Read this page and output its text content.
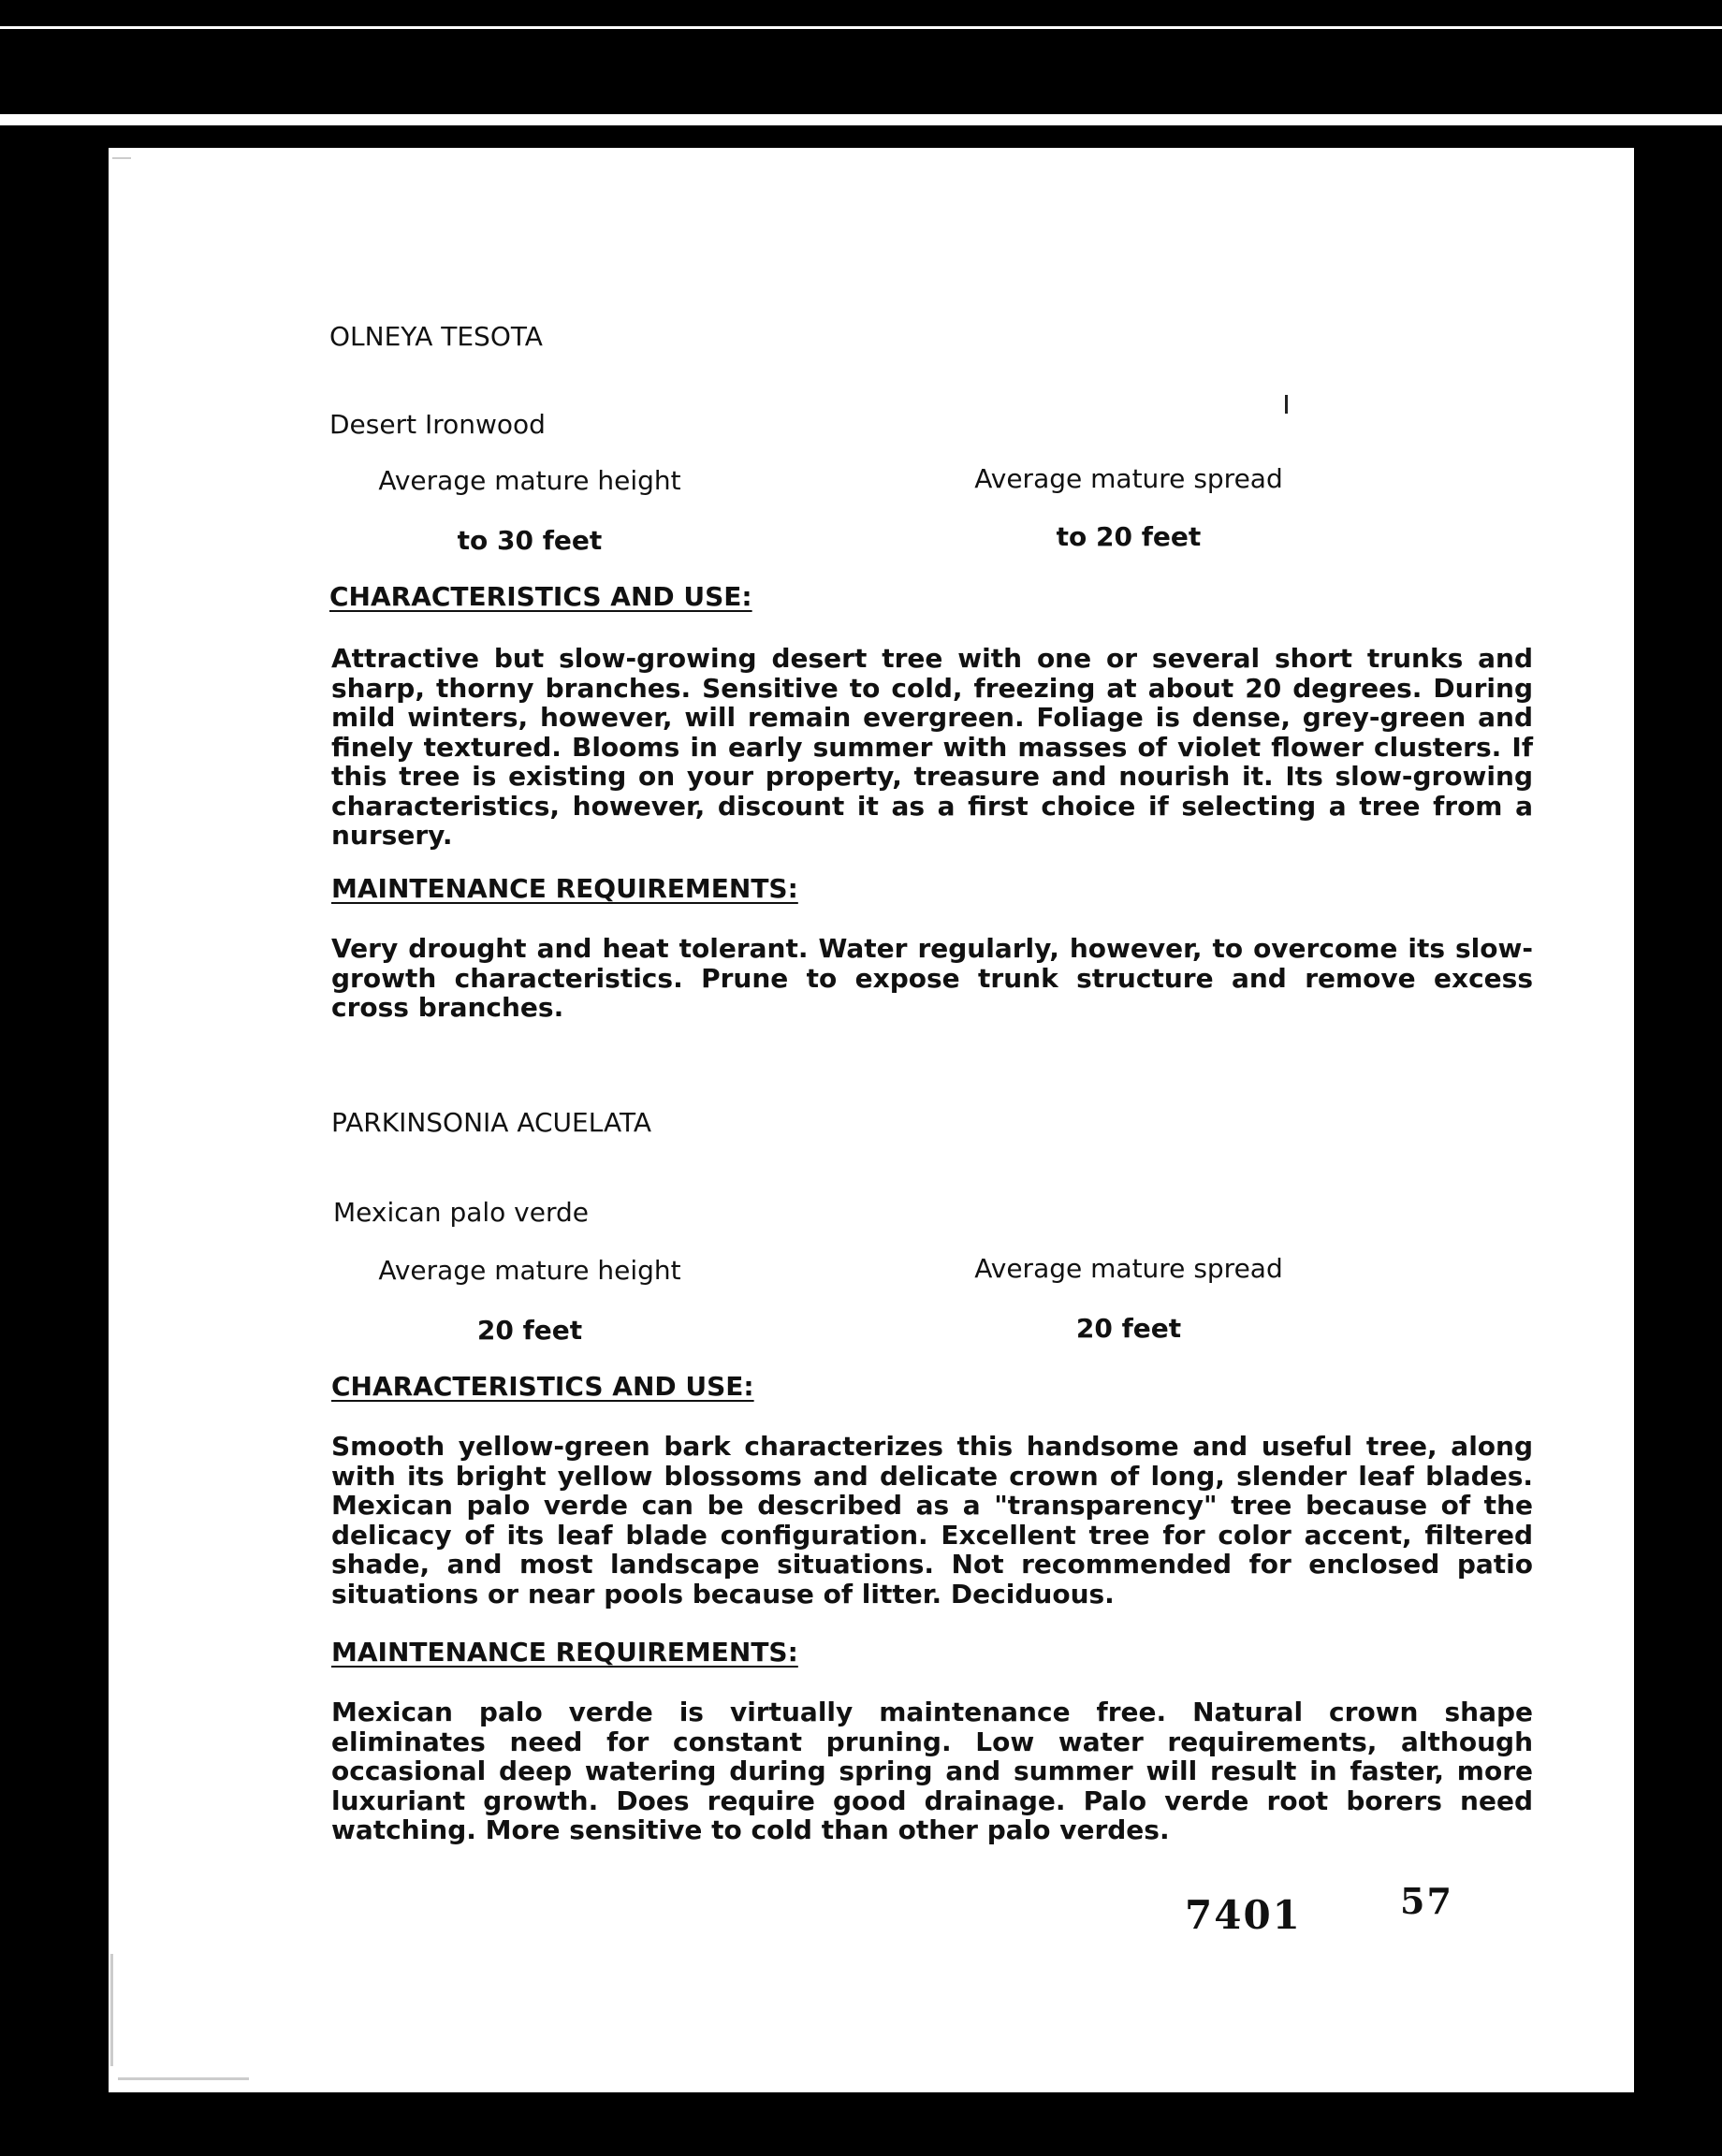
OLNEYA TESOTA
Desert Ironwood
Average mature height	Average mature spread
to 30 feet	to 20 feet
CHARACTERISTICS AND USE:
Attractive but slow-growing desert tree with one or several short trunks and sharp, thorny branches. Sensitive to cold, freezing at about 20 degrees. During mild winters, however, will remain evergreen. Foliage is dense, grey-green and finely textured. Blooms in early summer with masses of violet flower clusters. If this tree is existing on your property, treasure and nourish it. Its slow-growing characteristics, however, discount it as a first choice if selecting a tree from a nursery.
MAINTENANCE REQUIREMENTS:
Very drought and heat tolerant. Water regularly, however, to overcome its slow-growth characteristics. Prune to expose trunk structure and remove excess cross branches.
PARKINSONIA ACUELATA
Mexican palo verde
Average mature height	Average mature spread
20 feet	20 feet
CHARACTERISTICS AND USE:
Smooth yellow-green bark characterizes this handsome and useful tree, along with its bright yellow blossoms and delicate crown of long, slender leaf blades. Mexican palo verde can be described as a "transparency" tree because of the delicacy of its leaf blade configuration. Excellent tree for color accent, filtered shade, and most landscape situations. Not recommended for enclosed patio situations or near pools because of litter. Deciduous.
MAINTENANCE REQUIREMENTS:
Mexican palo verde is virtually maintenance free. Natural crown shape eliminates need for constant pruning. Low water requirements, although occasional deep watering during spring and summer will result in faster, more luxuriant growth. Does require good drainage. Palo verde root borers need watching. More sensitive to cold than other palo verdes.
7401	57
